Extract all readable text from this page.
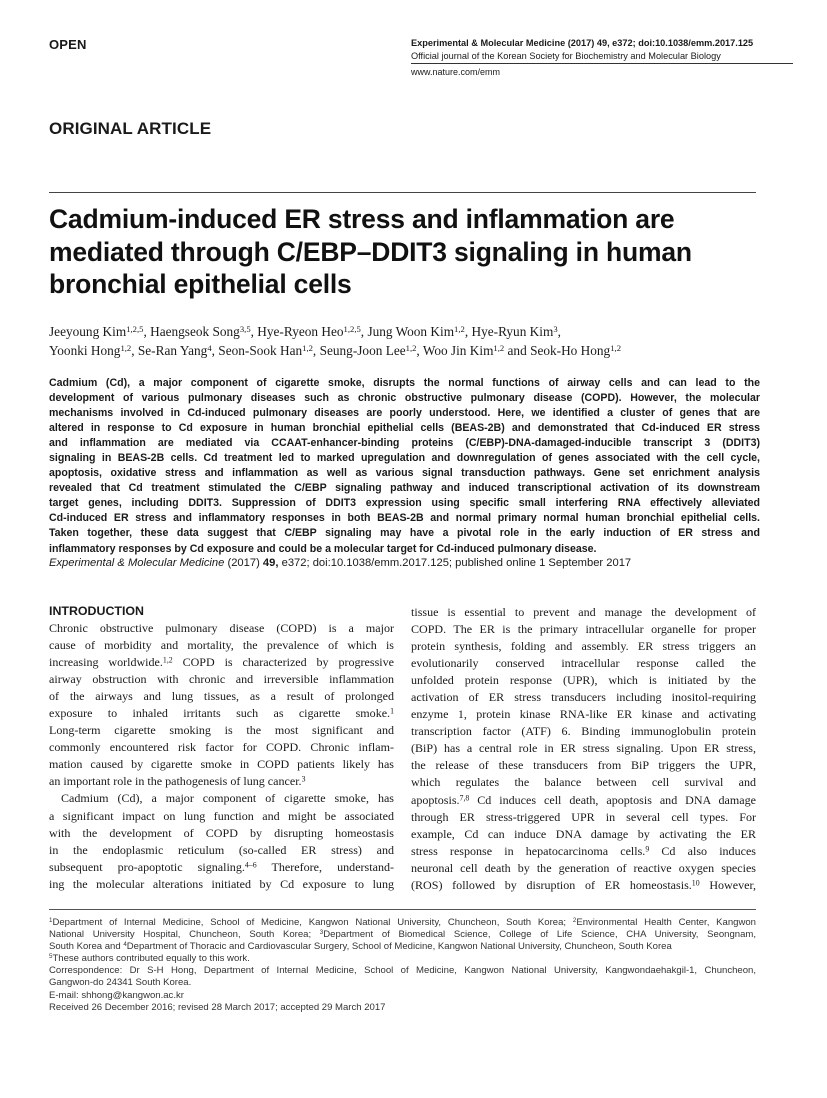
OPEN	Experimental & Molecular Medicine (2017) 49, e372; doi:10.1038/emm.2017.125
Official journal of the Korean Society for Biochemistry and Molecular Biology
www.nature.com/emm
ORIGINAL ARTICLE
Cadmium-induced ER stress and inflammation are
mediated through C/EBP–DDIT3 signaling in human
bronchial epithelial cells
Jeeyoung Kim$^{1,2,5}$, Haengseok Song$^{3,5}$, Hye-Ryeon Heo$^{1,2,5}$, Jung Woon Kim$^{1,2}$, Hye-Ryun Kim$^3$,
Yoonki Hong$^{1,2}$, Se-Ran Yang$^4$, Seon-Sook Han$^{1,2}$, Seung-Joon Lee$^{1,2}$, Woo Jin Kim$^{1,2}$ and Seok-Ho Hong$^{1,2}$
Cadmium (Cd), a major component of cigarette smoke, disrupts the normal functions of airway cells and can lead to the
development of various pulmonary diseases such as chronic obstructive pulmonary disease (COPD). However, the molecular
mechanisms involved in Cd-induced pulmonary diseases are poorly understood. Here, we identified a cluster of genes that are
altered in response to Cd exposure in human bronchial epithelial cells (BEAS-2B) and demonstrated that Cd-induced ER stress
and inflammation are mediated via CCAAT-enhancer-binding proteins (C/EBP)-DNA-damaged-inducible transcript 3 (DDIT3)
signaling in BEAS-2B cells. Cd treatment led to marked upregulation and downregulation of genes associated with the cell cycle,
apoptosis, oxidative stress and inflammation as well as various signal transduction pathways. Gene set enrichment analysis
revealed that Cd treatment stimulated the C/EBP signaling pathway and induced transcriptional activation of its downstream
target genes, including DDIT3. Suppression of DDIT3 expression using specific small interfering RNA effectively alleviated
Cd-induced ER stress and inflammatory responses in both BEAS-2B and normal primary normal human bronchial epithelial cells.
Taken together, these data suggest that C/EBP signaling may have a pivotal role in the early induction of ER stress and
inflammatory responses by Cd exposure and could be a molecular target for Cd-induced pulmonary disease.
Experimental & Molecular Medicine (2017) 49, e372; doi:10.1038/emm.2017.125; published online 1 September 2017
INTRODUCTION
Chronic obstructive pulmonary disease (COPD) is a major
cause of morbidity and mortality, the prevalence of which is
increasing worldwide.$^{1,2}$ COPD is characterized by progressive
airway obstruction with chronic and irreversible inflammation
of the airways and lung tissues, as a result of prolonged
exposure to inhaled irritants such as cigarette smoke.$^1$
Long-term cigarette smoking is the most significant and
commonly encountered risk factor for COPD. Chronic inflam-
mation caused by cigarette smoke in COPD patients likely has
an important role in the pathogenesis of lung cancer.$^3$
Cadmium (Cd), a major component of cigarette smoke, has
a significant impact on lung function and might be associated
with the development of COPD by disrupting homeostasis
in the endoplasmic reticulum (so-called ER stress) and
subsequent pro-apoptotic signaling.$^{4-6}$ Therefore, understand-
ing the molecular alterations initiated by Cd exposure to lung
tissue is essential to prevent and manage the development of
COPD. The ER is the primary intracellular organelle for proper
protein synthesis, folding and assembly. ER stress triggers an
evolutionarily conserved intracellular response called the
unfolded protein response (UPR), which is initiated by the
activation of ER stress transducers including inositol-requiring
enzyme 1, protein kinase RNA-like ER kinase and activating
transcription factor (ATF) 6. Binding immunoglobulin protein
(BiP) has a central role in ER stress signaling. Upon ER stress,
the release of these transducers from BiP triggers the UPR,
which regulates the balance between cell survival and
apoptosis.$^{7,8}$ Cd induces cell death, apoptosis and DNA damage
through ER stress-triggered UPR in several cell types. For
example, Cd can induce DNA damage by activating the ER
stress response in hepatocarcinoma cells.$^9$ Cd also induces
neuronal cell death by the generation of reactive oxygen species
(ROS) followed by disruption of ER homeostasis.$^{10}$ However,
$^1$Department of Internal Medicine, School of Medicine, Kangwon National University, Chuncheon, South Korea; $^2$Environmental Health Center, Kangwon
National University Hospital, Chuncheon, South Korea; $^3$Department of Biomedical Science, College of Life Science, CHA University, Seongnam,
South Korea and $^4$Department of Thoracic and Cardiovascular Surgery, School of Medicine, Kangwon National University, Chuncheon, South Korea
$^5$These authors contributed equally to this work.
Correspondence: Dr S-H Hong, Department of Internal Medicine, School of Medicine, Kangwon National University, Kangwondaehakgil-1, Chuncheon,
Gangwon-do 24341 South Korea.
E-mail: shhong@kangwon.ac.kr
Received 26 December 2016; revised 28 March 2017; accepted 29 March 2017
